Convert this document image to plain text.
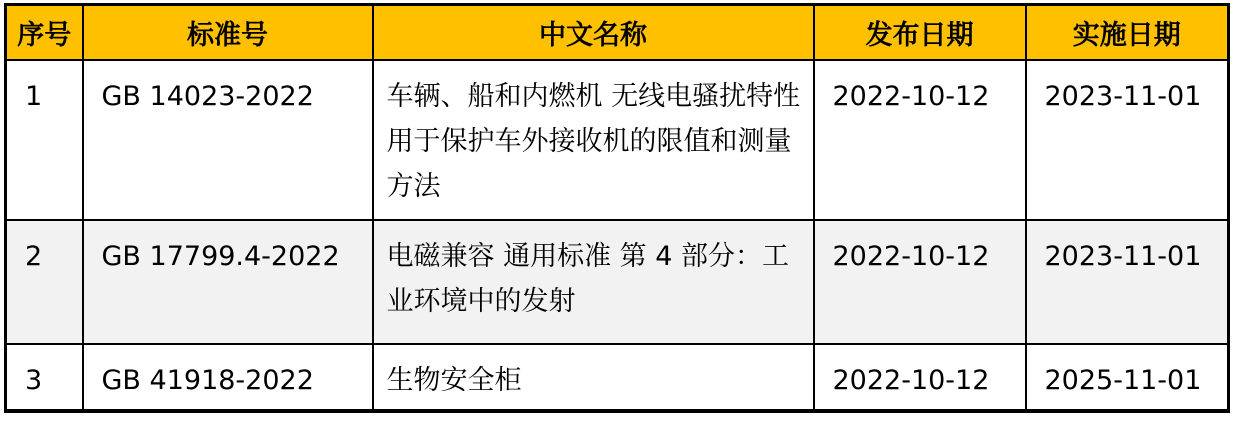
序号	标准号	中文名称	发布日期	实施日期
1	GB 14023-2022	车辆、船和内燃机 无线电骚扰特性 用于保护车外接收机的限值和测量方法	2022-10-12	2023-11-01
2	GB 17799.4-2022	电磁兼容 通用标准 第 4 部分：工业环境中的发射	2022-10-12	2023-11-01
3	GB 41918-2022	生物安全柜	2022-10-12	2025-11-01
